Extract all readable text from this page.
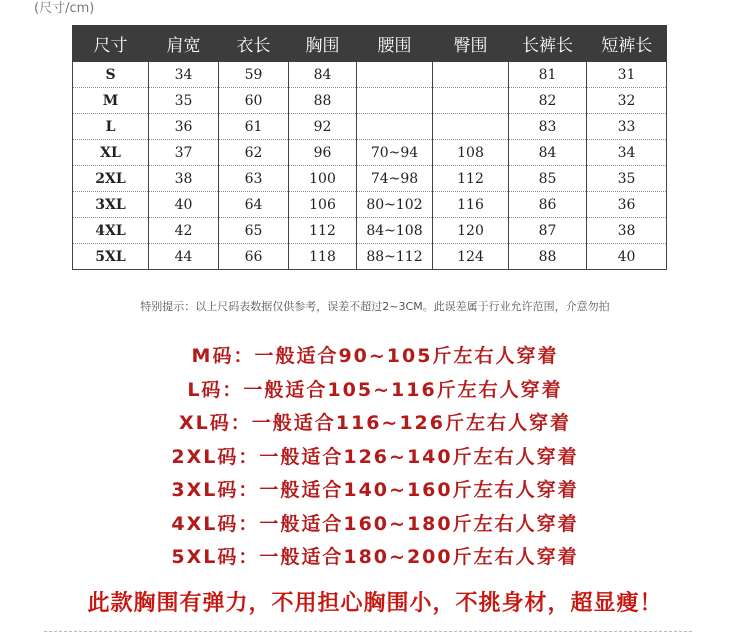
(尺寸/cm)
尺寸	肩宽	衣长	胸围	腰围	臀围	长裤长	短裤长
S	34	59	84			81	31
M	35	60	88			82	32
L	36	61	92			83	33
XL	37	62	96	70~94	108	84	34
2XL	38	63	100	74~98	112	85	35
3XL	40	64	106	80~102	116	86	36
4XL	42	65	112	84~108	120	87	38
5XL	44	66	118	88~112	124	88	40
特别提示：以上尺码表数据仅供参考，误差不超过2~3CM。此误差属于行业允许范围，介意勿拍
M码：一般适合90~105斤左右人穿着
L码：一般适合105~116斤左右人穿着
XL码：一般适合116~126斤左右人穿着
2XL码：一般适合126~140斤左右人穿着
3XL码：一般适合140~160斤左右人穿着
4XL码：一般适合160~180斤左右人穿着
5XL码：一般适合180~200斤左右人穿着
此款胸围有弹力，不用担心胸围小，不挑身材，超显瘦！
